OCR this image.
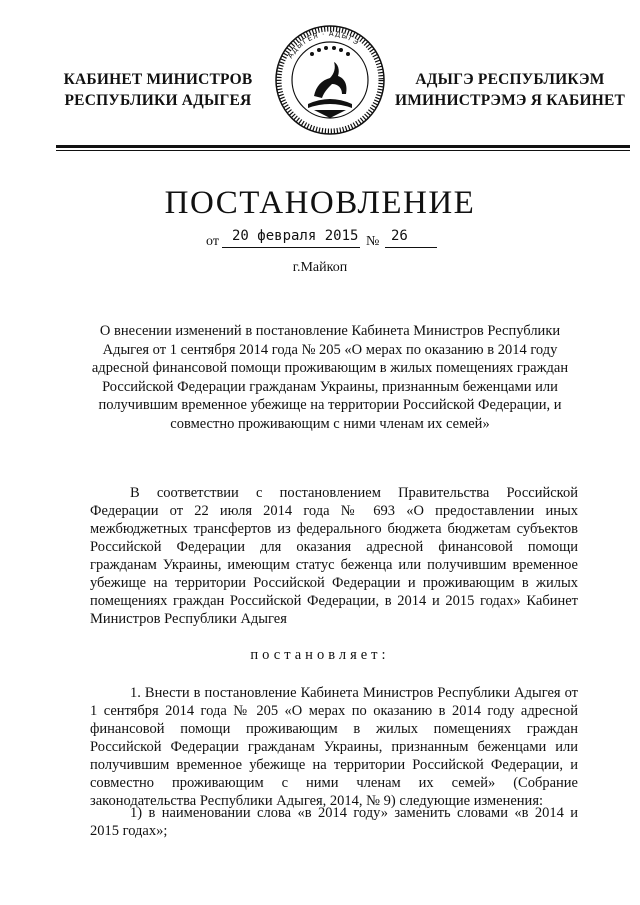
КАБИНЕТ МИНИСТРОВ
РЕСПУБЛИКИ АДЫГЕЯ
АДЫГЕЯ · АДЫГЭ
АДЫГЭ РЕСПУБЛИКЭМ
ИМИНИСТРЭМЭ Я КАБИНЕТ
ПОСТАНОВЛЕНИЕ
от 20 февраля 2015 № 26
г.Майкоп
О внесении изменений в постановление Кабинета Министров Республики Адыгея от 1 сентября 2014 года № 205 «О мерах по оказанию в 2014 году адресной финансовой помощи проживающим в жилых помещениях граждан Российской Федерации гражданам Украины, признанным беженцами или получившим временное убежище на территории Российской Федерации, и совместно проживающим с ними членам их семей»
В соответствии с постановлением Правительства Российской Федерации от 22 июля 2014 года № 693 «О предоставлении иных межбюджетных трансфертов из федерального бюджета бюджетам субъектов Российской Федерации для оказания адресной финансовой помощи гражданам Украины, имеющим статус беженца или получившим временное убежище на территории Российской Федерации и проживающим в жилых помещениях граждан Российской Федерации, в 2014 и 2015 годах» Кабинет Министров Республики Адыгея
постановляет:
1. Внести в постановление Кабинета Министров Республики Адыгея от 1 сентября 2014 года № 205 «О мерах по оказанию в 2014 году адресной финансовой помощи проживающим в жилых помещениях граждан Российской Федерации гражданам Украины, признанным беженцами или получившим временное убежище на территории Российской Федерации, и совместно проживающим с ними членам их семей» (Собрание законодательства Республики Адыгея, 2014, № 9) следующие изменения:
1) в наименовании слова «в 2014 году» заменить словами «в 2014 и 2015 годах»;
